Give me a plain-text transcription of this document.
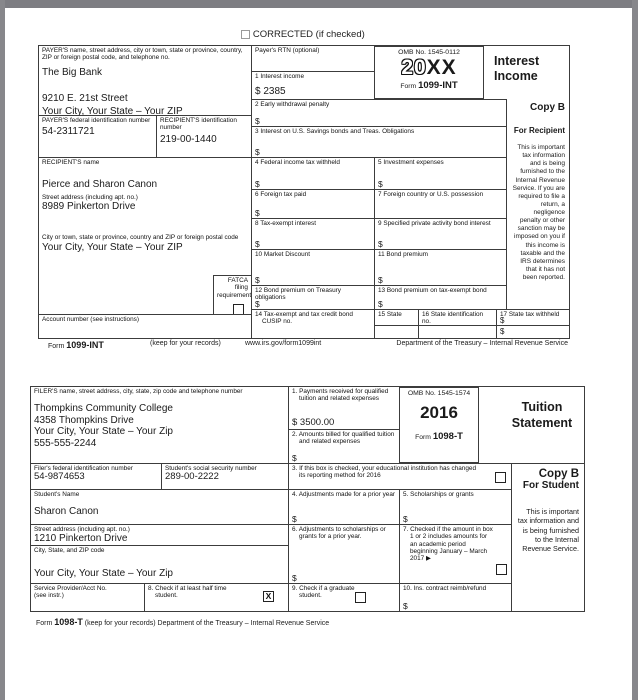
CORRECTED (if checked)
PAYER'S name, street address, city or town, state or province, country, ZIP or foreign postal code, and telephone no.
The Big Bank
9210 E. 21st Street
Your City, Your State – Your ZIP
PAYER'S federal identification number
54-2311721
RECIPIENT'S identification number
219-00-1440
RECIPIENT'S name
Pierce and Sharon Canon
Street address (including apt. no.)
8989 Pinkerton Drive
City or town, state or province, country and ZIP or foreign postal code
Your City, Your State – Your ZIP
FATCA filing requirement
Account number (see instructions)
Payer's RTN (optional)
1 Interest income
$ 2385
OMB No. 1545-0112
20XX
Form 1099-INT
Interest Income
2 Early withdrawal penalty
$
3 Interest on U.S. Savings bonds and Treas. Obligations
$
4 Federal income tax withheld
$
5 Investment expenses
$
6 Foreign tax paid
$
7 Foreign country or U.S. possession
8 Tax-exempt interest
$
9 Specified private activity bond interest
$
10 Market Discount
$
11 Bond premium
$
12 Bond premium on Treasury obligations
$
13 Bond premium on tax-exempt bond
$
14 Tax-exempt and tax credit bond CUSIP no.
15 State	16 State identification no.
17 State tax withheld
$
$
Copy B
For Recipient
This is important tax information and is being furnished to the Internal Revenue Service. If you are required to file a return, a negligence penalty or other sanction may be imposed on you if this income is taxable and the IRS determines that it has not been reported.
Form 1099-INT	(keep for your records)	www.irs.gov/form1099int	Department of the Treasury – Internal Revenue Service
FILER'S name, street address, city, state, zip code and telephone number
Thompkins Community College
4358 Thompkins Drive
Your City, Your State – Your Zip
555-555-2244
Filer's federal identification number
54-9874653
Student's social security number
289-00-2222
Student's Name
Sharon Canon
Street address (including apt. no.)
1210 Pinkerton Drive
City, State, and ZIP code
Your City, Your State – Your Zip
Service Provider/Acct No.
(see instr.)
8. Check if at least half time student.
X
1. Payments received for qualified tuition and related expenses
$ 3500.00
2. Amounts billed for qualified tuition and related expenses
$
OMB No. 1545-1574
2016
Form 1098-T
Tuition Statement
3. If this box is checked, your educational institution has changed its reporting method for 2016
4. Adjustments made for a prior year
$
5. Scholarships or grants
$
6. Adjustments to scholarships or grants for a prior year.
$
7. Checked if the amount in box 1 or 2 includes amounts for an academic period beginning January – March 2017 ▶
9. Check if a graduate student.
10. Ins. contract reimb/refund
$
Copy B
For Student
This is important tax information and is being furnished to the Internal Revenue Service.
Form 1098-T (keep for your records) Department of the Treasury – Internal Revenue Service
